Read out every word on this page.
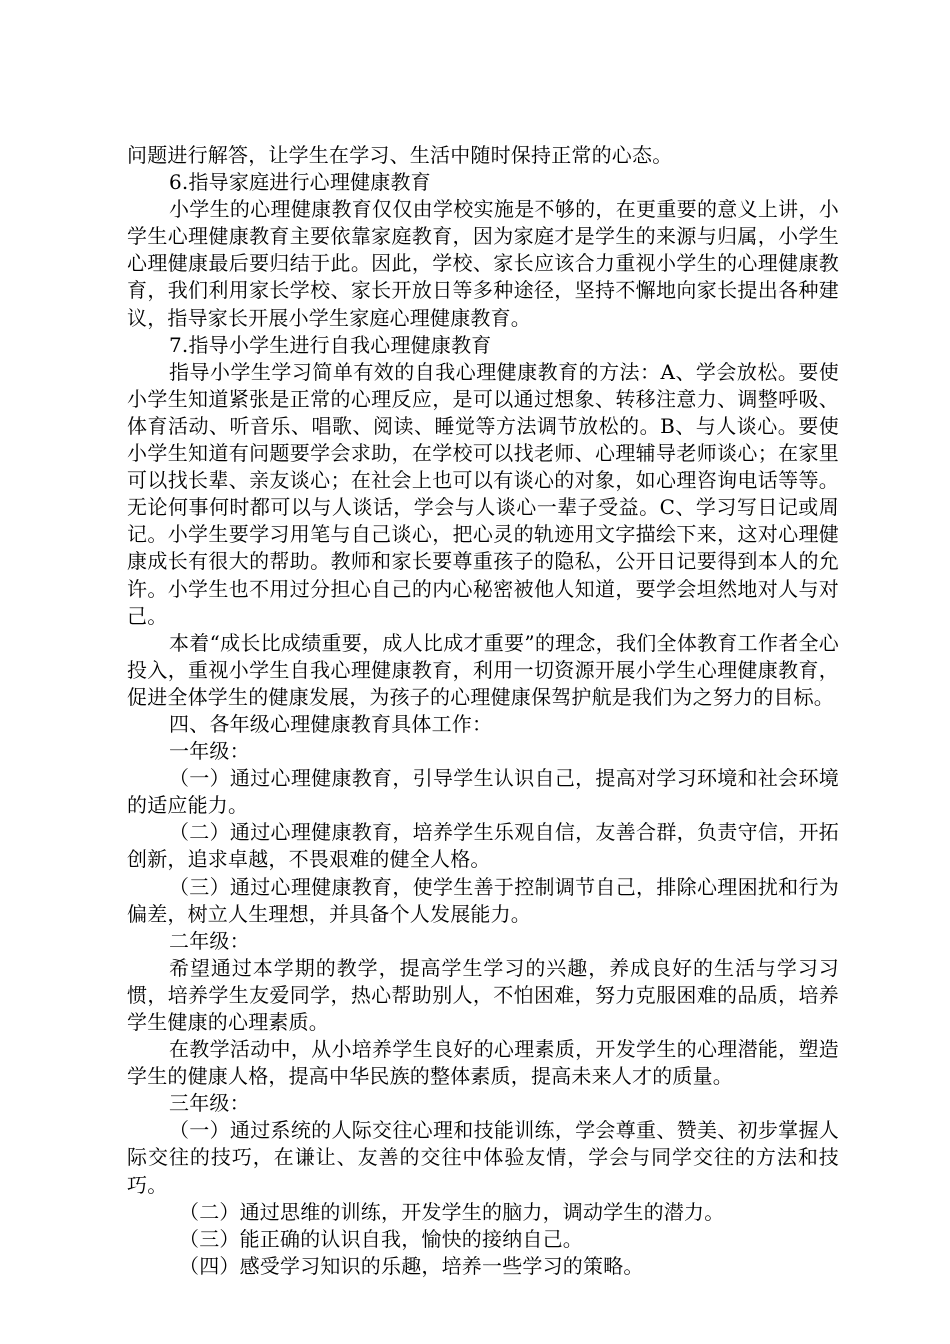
问题进行解答，让学生在学习、生活中随时保持正常的心态。

6.指导家庭进行心理健康教育

小学生的心理健康教育仅仅由学校实施是不够的，在更重要的意义上讲，小学生心理健康教育主要依靠家庭教育，因为家庭才是学生的来源与归属，小学生心理健康最后要归结于此。因此，学校、家长应该合力重视小学生的心理健康教育，我们利用家长学校、家长开放日等多种途径，坚持不懈地向家长提出各种建议，指导家长开展小学生家庭心理健康教育。

7.指导小学生进行自我心理健康教育

指导小学生学习简单有效的自我心理健康教育的方法：A、学会放松。要使小学生知道紧张是正常的心理反应，是可以通过想象、转移注意力、调整呼吸、体育活动、听音乐、唱歌、阅读、睡觉等方法调节放松的。B、与人谈心。要使小学生知道有问题要学会求助，在学校可以找老师、心理辅导老师谈心；在家里可以找长辈、亲友谈心；在社会上也可以有谈心的对象，如心理咨询电话等等。无论何事何时都可以与人谈话，学会与人谈心一辈子受益。C、学习写日记或周记。小学生要学习用笔与自己谈心，把心灵的轨迹用文字描绘下来，这对心理健康成长有很大的帮助。教师和家长要尊重孩子的隐私，公开日记要得到本人的允许。小学生也不用过分担心自己的内心秘密被他人知道，要学会坦然地对人与对己。

本着“成长比成绩重要，成人比成才重要”的理念，我们全体教育工作者全心投入，重视小学生自我心理健康教育，利用一切资源开展小学生心理健康教育，促进全体学生的健康发展，为孩子的心理健康保驾护航是我们为之努力的目标。

四、各年级心理健康教育具体工作：

一年级：

（一）通过心理健康教育，引导学生认识自己，提高对学习环境和社会环境的适应能力。

（二）通过心理健康教育，培养学生乐观自信，友善合群，负责守信，开拓创新，追求卓越，不畏艰难的健全人格。

（三）通过心理健康教育，使学生善于控制调节自己，排除心理困扰和行为偏差，树立人生理想，并具备个人发展能力。

二年级：

希望通过本学期的教学，提高学生学习的兴趣，养成良好的生活与学习习惯，培养学生友爱同学，热心帮助别人，不怕困难，努力克服困难的品质，培养学生健康的心理素质。

在教学活动中，从小培养学生良好的心理素质，开发学生的心理潜能，塑造学生的健康人格，提高中华民族的整体素质，提高未来人才的质量。

三年级：

（一）通过系统的人际交往心理和技能训练，学会尊重、赞美、初步掌握人际交往的技巧，在谦让、友善的交往中体验友情，学会与同学交往的方法和技巧。

（二）通过思维的训练，开发学生的脑力，调动学生的潜力。

（三）能正确的认识自我，愉快的接纳自己。

（四）感受学习知识的乐趣，培养一些学习的策略。
